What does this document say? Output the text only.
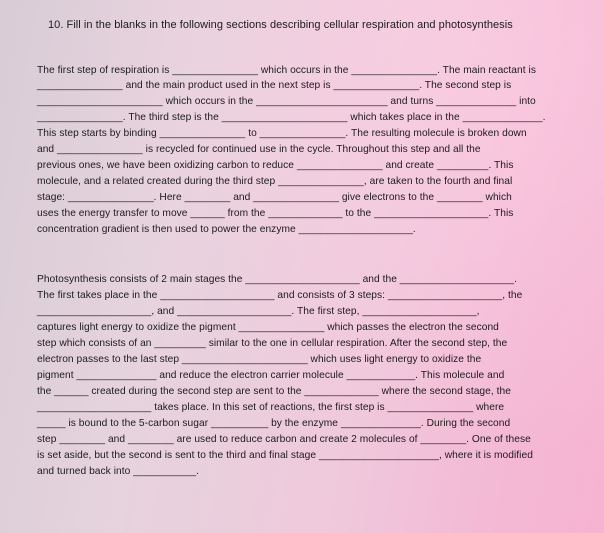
10. Fill in the blanks in the following sections describing cellular respiration and photosynthesis
The first step of respiration is _______________ which occurs in the _______________. The main reactant is
_______________ and the main product used in the next step is _______________. The second step is
______________________ which occurs in the _______________________ and turns ______________ into
_______________. The third step is the ______________________ which takes place in the ______________.
This step starts by binding _______________ to _______________. The resulting molecule is broken down
and _______________ is recycled for continued use in the cycle. Throughout this step and all the
previous ones, we have been oxidizing carbon to reduce _______________ and create _________. This
molecule, and a related created during the third step _______________, are taken to the fourth and final
stage: _______________. Here ________ and _______________ give electrons to the ________ which
uses the energy transfer to move ______ from the _____________ to the ____________________. This
concentration gradient is then used to power the enzyme ____________________.
Photosynthesis consists of 2 main stages the ____________________ and the ____________________.
The first takes place in the ____________________ and consists of 3 steps: ____________________, the
____________________, and ____________________. The first step, ____________________,
captures light energy to oxidize the pigment _______________ which passes the electron the second
step which consists of an _________ similar to the one in cellular respiration. After the second step, the
electron passes to the last step ______________________ which uses light energy to oxidize the
pigment ______________ and reduce the electron carrier molecule ____________. This molecule and
the ______ created during the second step are sent to the _____________ where the second stage, the
____________________ takes place. In this set of reactions, the first step is _______________ where
_____ is bound to the 5-carbon sugar __________ by the enzyme ______________. During the second
step ________ and ________ are used to reduce carbon and create 2 molecules of ________. One of these
is set aside, but the second is sent to the third and final stage _____________________, where it is modified
and turned back into ___________.
